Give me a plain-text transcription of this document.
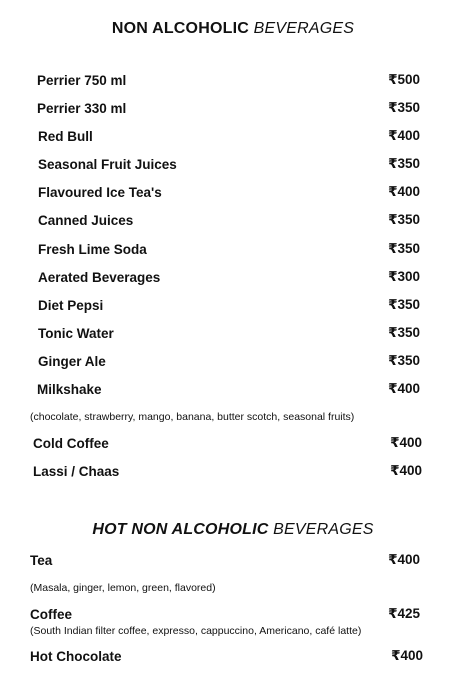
NON ALCOHOLIC BEVERAGES
Perrier 750 ml	₹500
Perrier 330 ml	₹350
Red Bull	₹400
Seasonal Fruit Juices	₹350
Flavoured Ice Tea's	₹400
Canned Juices	₹350
Fresh Lime Soda	₹350
Aerated Beverages	₹300
Diet Pepsi	₹350
Tonic Water	₹350
Ginger Ale	₹350
Milkshake	₹400
(chocolate, strawberry, mango, banana, butter scotch, seasonal fruits)
Cold Coffee	₹400
Lassi / Chaas	₹400
HOT NON ALCOHOLIC BEVERAGES
Tea	₹400
(Masala, ginger, lemon, green, flavored)
Coffee	₹425
(South Indian filter coffee, expresso, cappuccino, Americano, café latte)
Hot Chocolate	₹400
